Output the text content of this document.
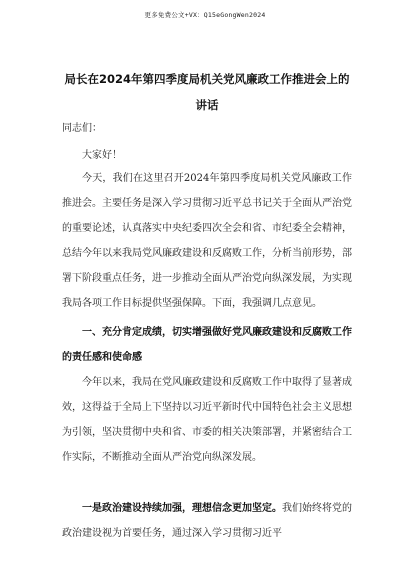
更多免费公文+VX：Q15eGongWen2024
局长在2024年第四季度局机关党风廉政工作推进会上的讲话
同志们：
大家好！
今天，我们在这里召开2024年第四季度局机关党风廉政工作推进会。主要任务是深入学习贯彻习近平总书记关于全面从严治党的重要论述，认真落实中央纪委四次全会和省、市纪委全会精神，总结今年以来我局党风廉政建设和反腐败工作，分析当前形势，部署下阶段重点任务，进一步推动全面从严治党向纵深发展，为实现我局各项工作目标提供坚强保障。下面，我强调几点意见。
一、充分肯定成绩，切实增强做好党风廉政建设和反腐败工作的责任感和使命感
今年以来，我局在党风廉政建设和反腐败工作中取得了显著成效，这得益于全局上下坚持以习近平新时代中国特色社会主义思想为引领，坚决贯彻中央和省、市委的相关决策部署，并紧密结合工作实际，不断推动全面从严治党向纵深发展。
一是政治建设持续加强，理想信念更加坚定。我们始终将党的政治建设视为首要任务，通过深入学习贯彻习近平
